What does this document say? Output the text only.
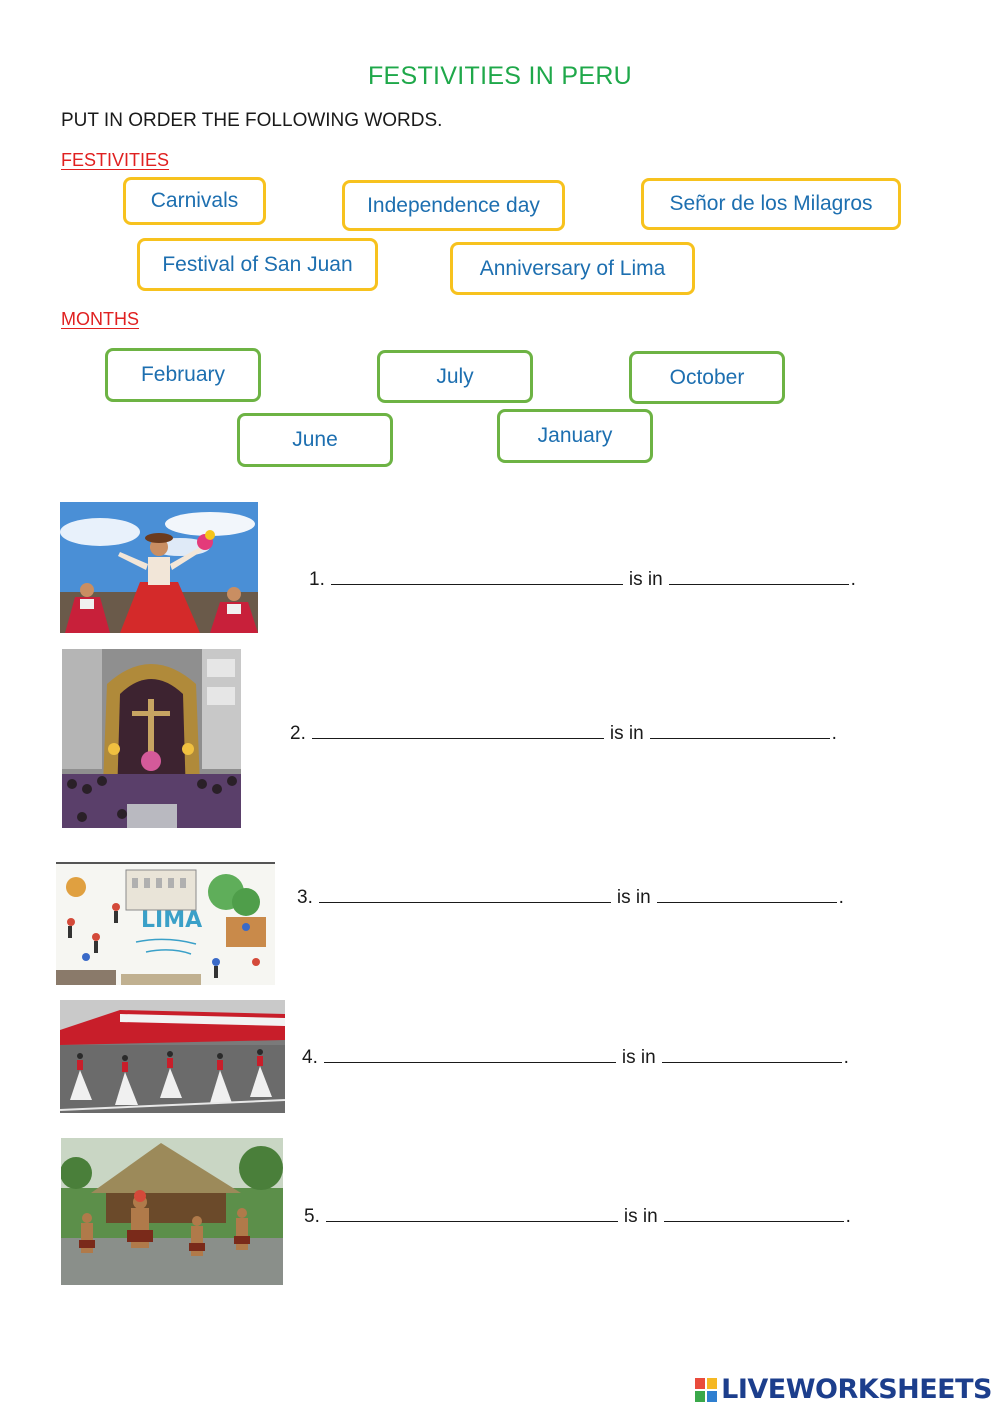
FESTIVITIES IN PERU
PUT IN ORDER THE FOLLOWING WORDS.
FESTIVITIES
Carnivals	Independence day	Señor de los Milagros
Festival of San Juan	Anniversary of Lima
MONTHS
February	July	October
June	January
LIMA
1.	is in	.
2.	is in	.
3.	is in	.
4.	is in	.
5.	is in	.
LIVEWORKSHEETS
